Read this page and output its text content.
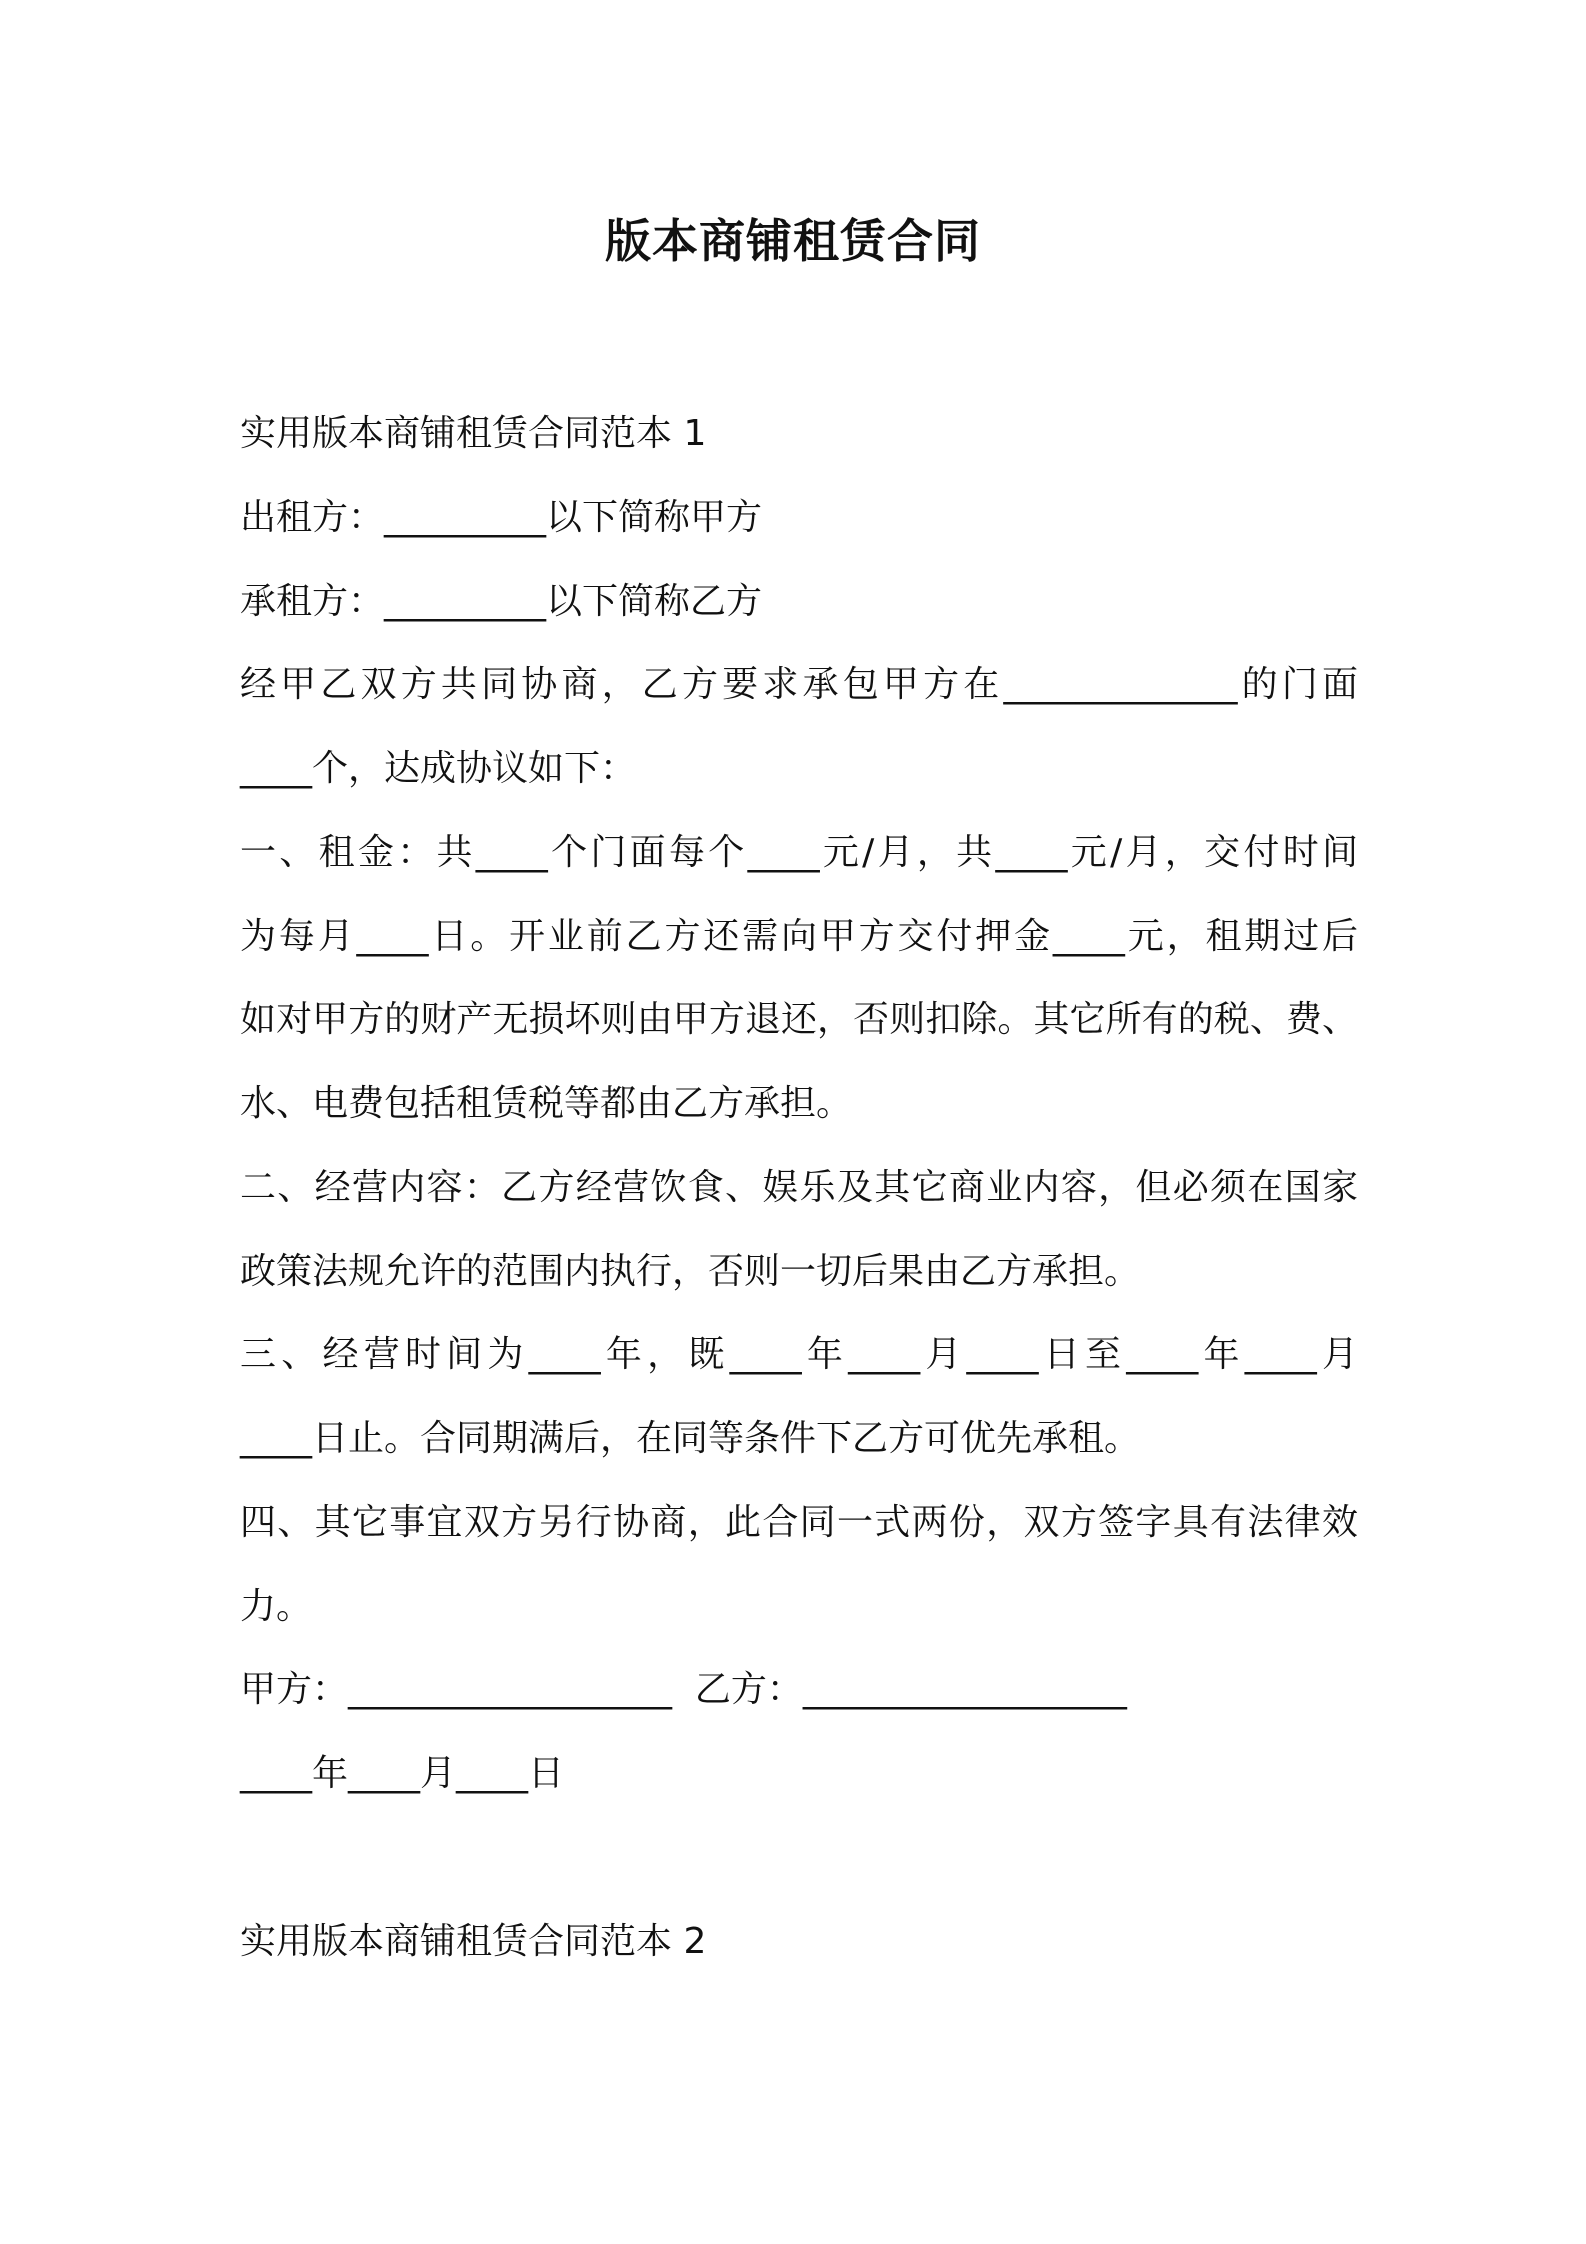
版本商铺租赁合同

实用版本商铺租赁合同范本 1

出租方：_________以下简称甲方

承租方：_________以下简称乙方

经甲乙双方共同协商，乙方要求承包甲方在_____________的门面

____个，达成协议如下：

一、租金：共____个门面每个____元/月，共____元/月，交付时间

为每月____日。开业前乙方还需向甲方交付押金____元，租期过后

如对甲方的财产无损坏则由甲方退还，否则扣除。其它所有的税、费、

水、电费包括租赁税等都由乙方承担。

二、经营内容：乙方经营饮食、娱乐及其它商业内容，但必须在国家

政策法规允许的范围内执行，否则一切后果由乙方承担。

三、经营时间为____年，既____年____月____日至____年____月

____日止。合同期满后，在同等条件下乙方可优先承租。

四、其它事宜双方另行协商，此合同一式两份，双方签字具有法律效

力。

甲方：__________________  乙方：__________________

____年____月____日

实用版本商铺租赁合同范本 2
